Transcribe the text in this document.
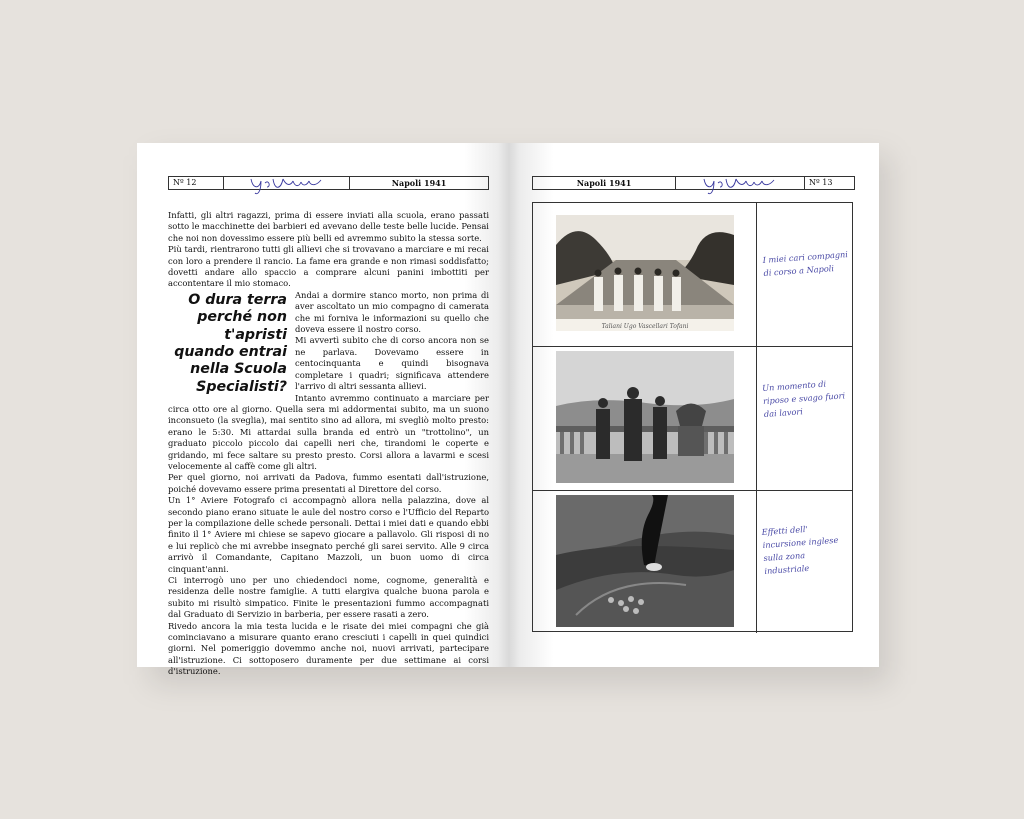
Nº 12	Napoli 1941

Infatti, gli altri ragazzi, prima di essere inviati alla scuola, erano passati sotto le macchinette dei barbieri ed avevano delle teste belle lucide. Pensai che noi non dovessimo essere più belli ed avremmo subito la stessa sorte.

Più tardi, rientrarono tutti gli allievi che si trovavano a marciare e mi recai con loro a prendere il rancio. La fame era grande e non rimasi soddisfatto; dovetti andare allo spaccio a comprare alcuni panini imbottiti per accontentare il mio stomaco.

O dura terra perché non t'apristi quando entrai nella Scuola Specialisti?

Andai a dormire stanco morto, non prima di aver ascoltato un mio compagno di camerata che mi forniva le informazioni su quello che doveva essere il nostro corso.

Mi avvertì subito che di corso ancora non se ne parlava. Dovevamo essere in centocinquanta e quindi bisognava completare i quadri; significava attendere l'arrivo di altri sessanta allievi.

Intanto avremmo continuato a marciare per circa otto ore al giorno. Quella sera mi addormentai subito, ma un suono inconsueto (la sveglia), mai sentito sino ad allora, mi svegliò molto presto: erano le 5:30. Mi attardai sulla branda ed entrò un "trottolino", un graduato piccolo piccolo dai capelli neri che, tirandomi le coperte e gridando, mi fece saltare su presto presto. Corsi allora a lavarmi e scesi velocemente al caffè come gli altri.

Per quel giorno, noi arrivati da Padova, fummo esentati dall'istruzione, poiché dovevamo essere prima presentati al Direttore del corso.

Un 1° Aviere Fotografo ci accompagnò allora nella palazzina, dove al secondo piano erano situate le aule del nostro corso e l'Ufficio del Reparto per la compilazione delle schede personali. Dettai i miei dati e quando ebbi finito il 1° Aviere mi chiese se sapevo giocare a pallavolo. Gli risposi di no e lui replicò che mi avrebbe insegnato perché gli sarei servito. Alle 9 circa arrivò il Comandante, Capitano Mazzoli, un buon uomo di circa cinquant'anni.

Ci interrogò uno per uno chiedendoci nome, cognome, generalità e residenza delle nostre famiglie. A tutti elargiva qualche buona parola e subito mi risultò simpatico. Finite le presentazioni fummo accompagnati dal Graduato di Servizio in barberia, per essere rasati a zero.

Rivedo ancora la mia testa lucida e le risate dei miei compagni che già cominciavano a misurare quanto erano cresciuti i capelli in quei quindici giorni. Nel pomeriggio dovemmo anche noi, nuovi arrivati, partecipare all'istruzione. Ci sottoposero duramente per due settimane ai corsi d'istruzione.

Napoli 1941	Nº 13
Taliani Ugo Vascellari Tofani
I miei cari compagni di corso a Napoli
Un momento di riposo e svago fuori dai lavori
Effetti dell' incursione inglese sulla zona industriale
